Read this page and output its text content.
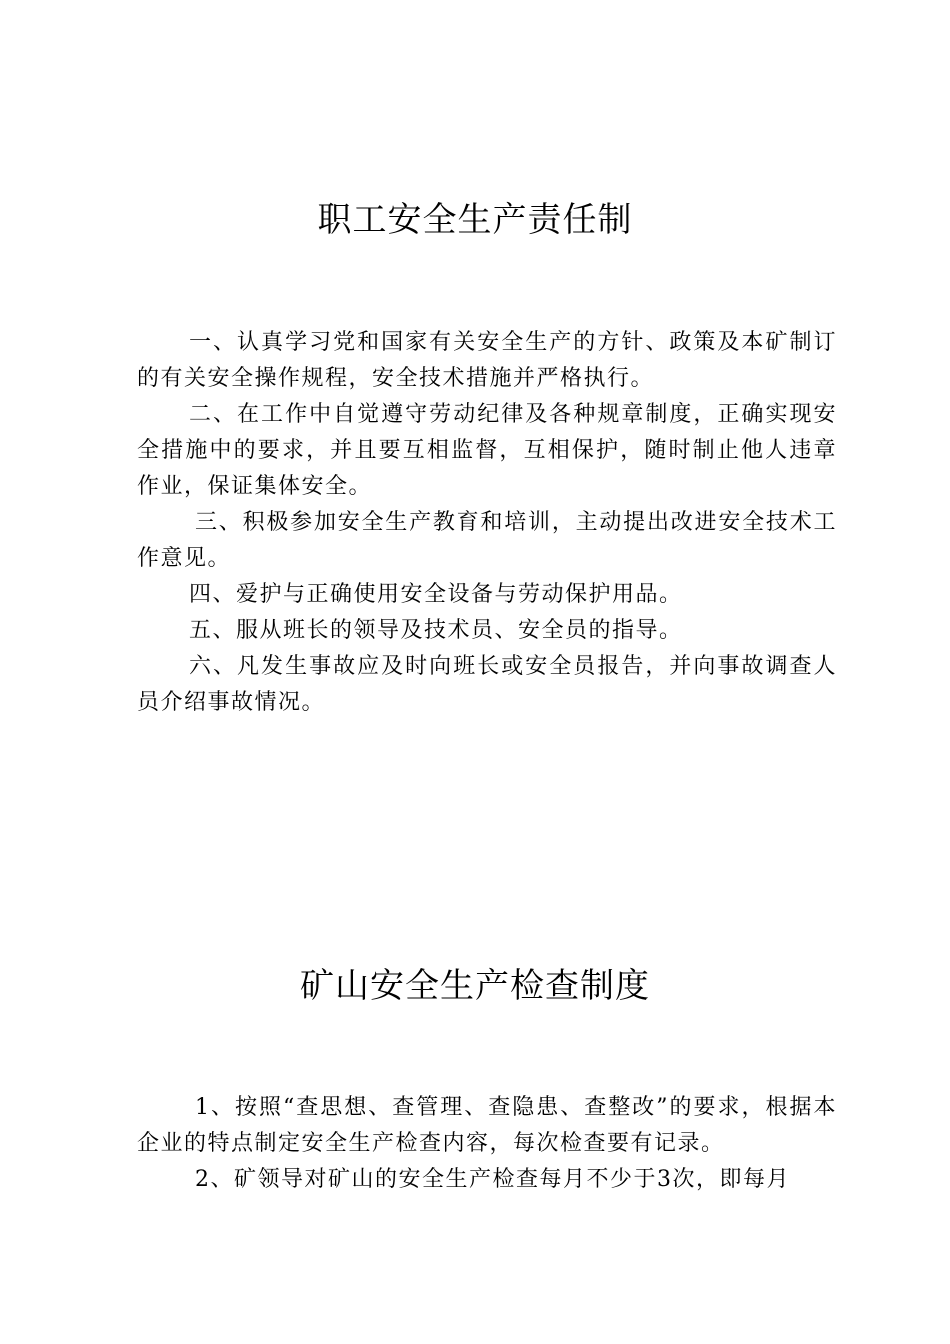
职工安全生产责任制

一、认真学习党和国家有关安全生产的方针、政策及本矿制订的有关安全操作规程，安全技术措施并严格执行。

二、在工作中自觉遵守劳动纪律及各种规章制度，正确实现安全措施中的要求，并且要互相监督，互相保护，随时制止他人违章作业，保证集体安全。

三、积极参加安全生产教育和培训，主动提出改进安全技术工作意见。

四、爱护与正确使用安全设备与劳动保护用品。

五、服从班长的领导及技术员、安全员的指导。

六、凡发生事故应及时向班长或安全员报告，并向事故调查人员介绍事故情况。

矿山安全生产检查制度

1、按照“查思想、查管理、查隐患、查整改”的要求，根据本企业的特点制定安全生产检查内容，每次检查要有记录。

2、矿领导对矿山的安全生产检查每月不少于3次，即每月
